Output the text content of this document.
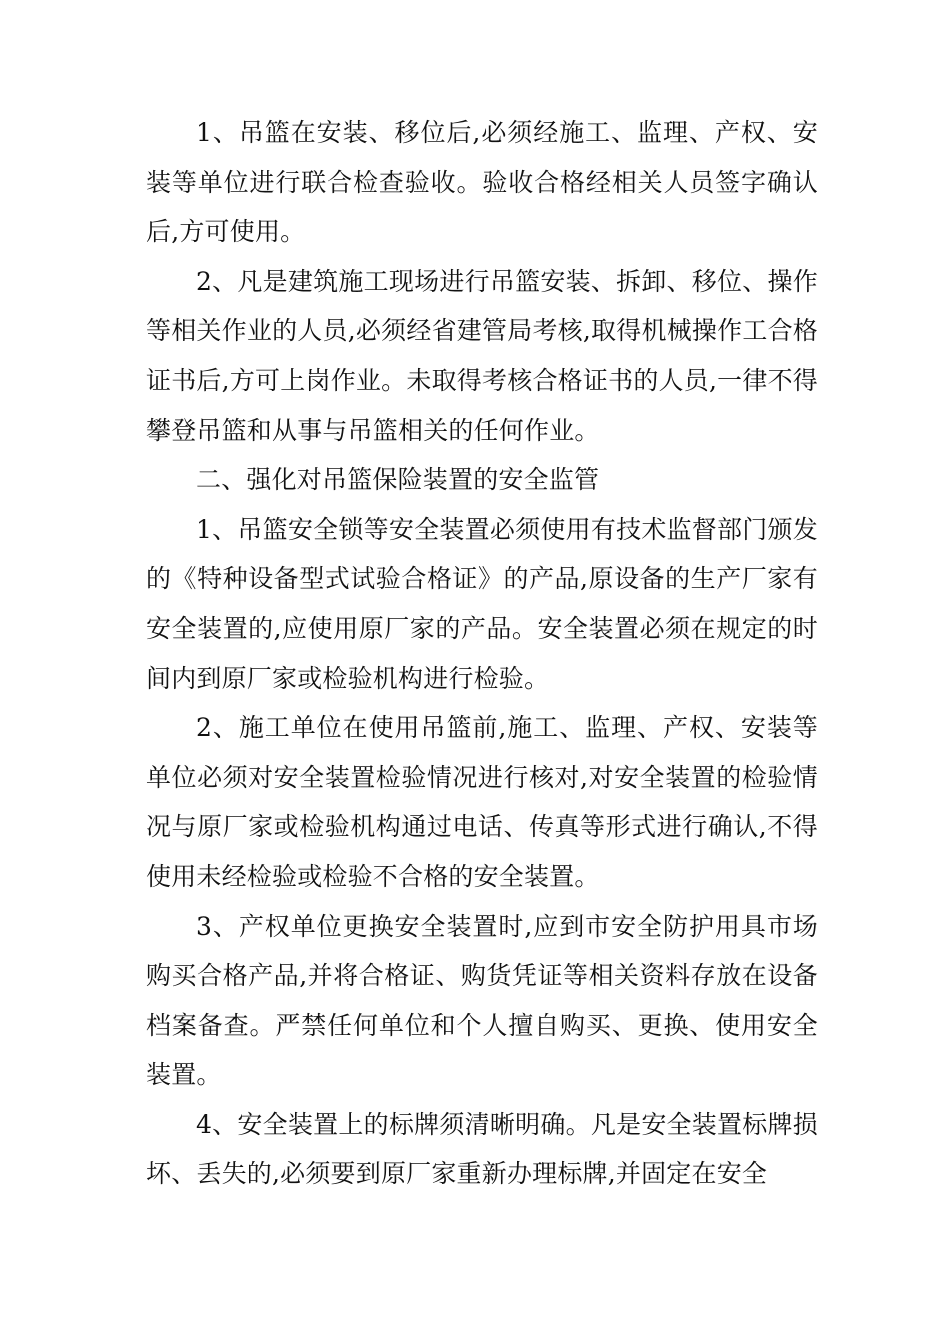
1、吊篮在安装、移位后,必须经施工、监理、产权、安装等单位进行联合检查验收。验收合格经相关人员签字确认后,方可使用。

2、凡是建筑施工现场进行吊篮安装、拆卸、移位、操作等相关作业的人员,必须经省建管局考核,取得机械操作工合格证书后,方可上岗作业。未取得考核合格证书的人员,一律不得攀登吊篮和从事与吊篮相关的任何作业。

二、强化对吊篮保险装置的安全监管

1、吊篮安全锁等安全装置必须使用有技术监督部门颁发的《特种设备型式试验合格证》的产品,原设备的生产厂家有安全装置的,应使用原厂家的产品。安全装置必须在规定的时间内到原厂家或检验机构进行检验。

2、施工单位在使用吊篮前,施工、监理、产权、安装等单位必须对安全装置检验情况进行核对,对安全装置的检验情况与原厂家或检验机构通过电话、传真等形式进行确认,不得使用未经检验或检验不合格的安全装置。

3、产权单位更换安全装置时,应到市安全防护用具市场购买合格产品,并将合格证、购货凭证等相关资料存放在设备档案备查。严禁任何单位和个人擅自购买、更换、使用安全装置。

4、安全装置上的标牌须清晰明确。凡是安全装置标牌损坏、丢失的,必须要到原厂家重新办理标牌,并固定在安全
